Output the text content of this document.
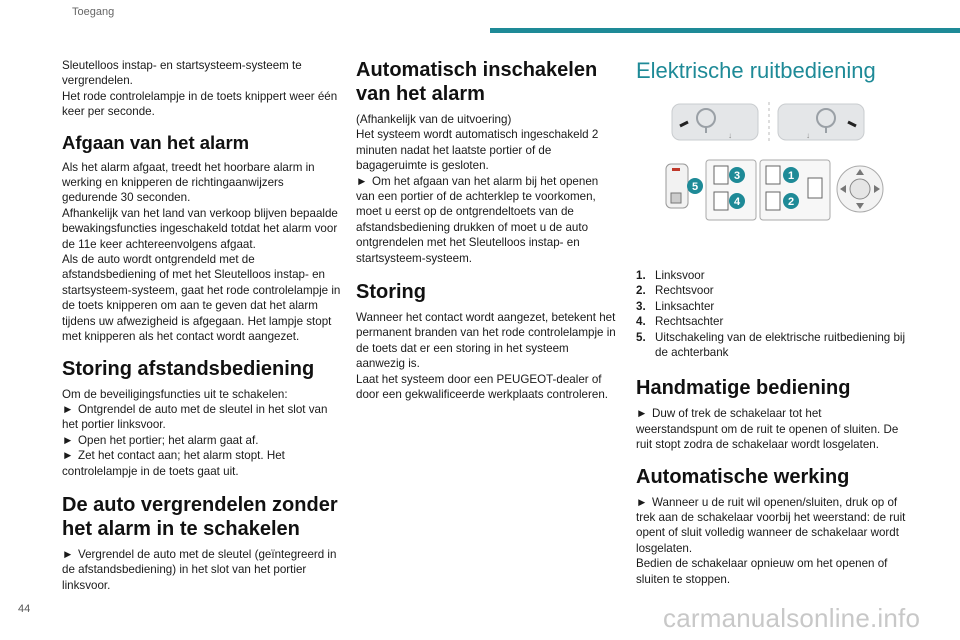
Toegang

Sleutelloos instap- en startsysteem-systeem te vergrendelen.

Het rode controlelampje in de toets knippert weer één keer per seconde.

Afgaan van het alarm

Als het alarm afgaat, treedt het hoorbare alarm in werking en knipperen de richtingaanwijzers gedurende 30 seconden.

Afhankelijk van het land van verkoop blijven bepaalde bewakingsfuncties ingeschakeld totdat het alarm voor de 11e keer achtereenvolgens afgaat.

Als de auto wordt ontgrendeld met de afstandsbediening of met het Sleutelloos instap- en startsysteem-systeem, gaat het rode controlelampje in de toets knipperen om aan te geven dat het alarm tijdens uw afwezigheid is afgegaan. Het lampje stopt met knipperen als het contact wordt aangezet.

Storing afstandsbediening

Om de beveiligingsfuncties uit te schakelen:

► Ontgrendel de auto met de sleutel in het slot van het portier linksvoor.

► Open het portier; het alarm gaat af.

► Zet het contact aan; het alarm stopt. Het controlelampje in de toets gaat uit.

De auto vergrendelen zonder het alarm in te schakelen

► Vergrendel de auto met de sleutel (geïntegreerd in de afstandsbediening) in het slot van het portier linksvoor.

Automatisch inschakelen van het alarm

(Afhankelijk van de uitvoering)

Het systeem wordt automatisch ingeschakeld 2 minuten nadat het laatste portier of de bagageruimte is gesloten.

► Om het afgaan van het alarm bij het openen van een portier of de achterklep te voorkomen, moet u eerst op de ontgrendeltoets van de afstandsbediening drukken of moet u de auto ontgrendelen met het Sleutelloos instap- en startsysteem-systeem.

Storing

Wanneer het contact wordt aangezet, betekent het permanent branden van het rode controlelampje in de toets dat er een storing in het systeem aanwezig is.

Laat het systeem door een PEUGEOT-dealer of door een gekwalificeerde werkplaats controleren.

Elektrische ruitbediening
↓	↓
3	1
5
4	2
1. Linksvoor
2. Rechtsvoor
3. Linksachter
4. Rechtsachter
5. Uitschakeling van de elektrische ruitbediening bij de achterbank
Handmatige bediening

► Duw of trek de schakelaar tot het weerstandspunt om de ruit te openen of sluiten. De ruit stopt zodra de schakelaar wordt losgelaten.

Automatische werking

► Wanneer u de ruit wil openen/sluiten, druk op of trek aan de schakelaar voorbij het weerstand: de ruit opent of sluit volledig wanneer de schakelaar wordt losgelaten.

Bedien de schakelaar opnieuw om het openen of sluiten te stoppen.

44	carmanualsonline.info
